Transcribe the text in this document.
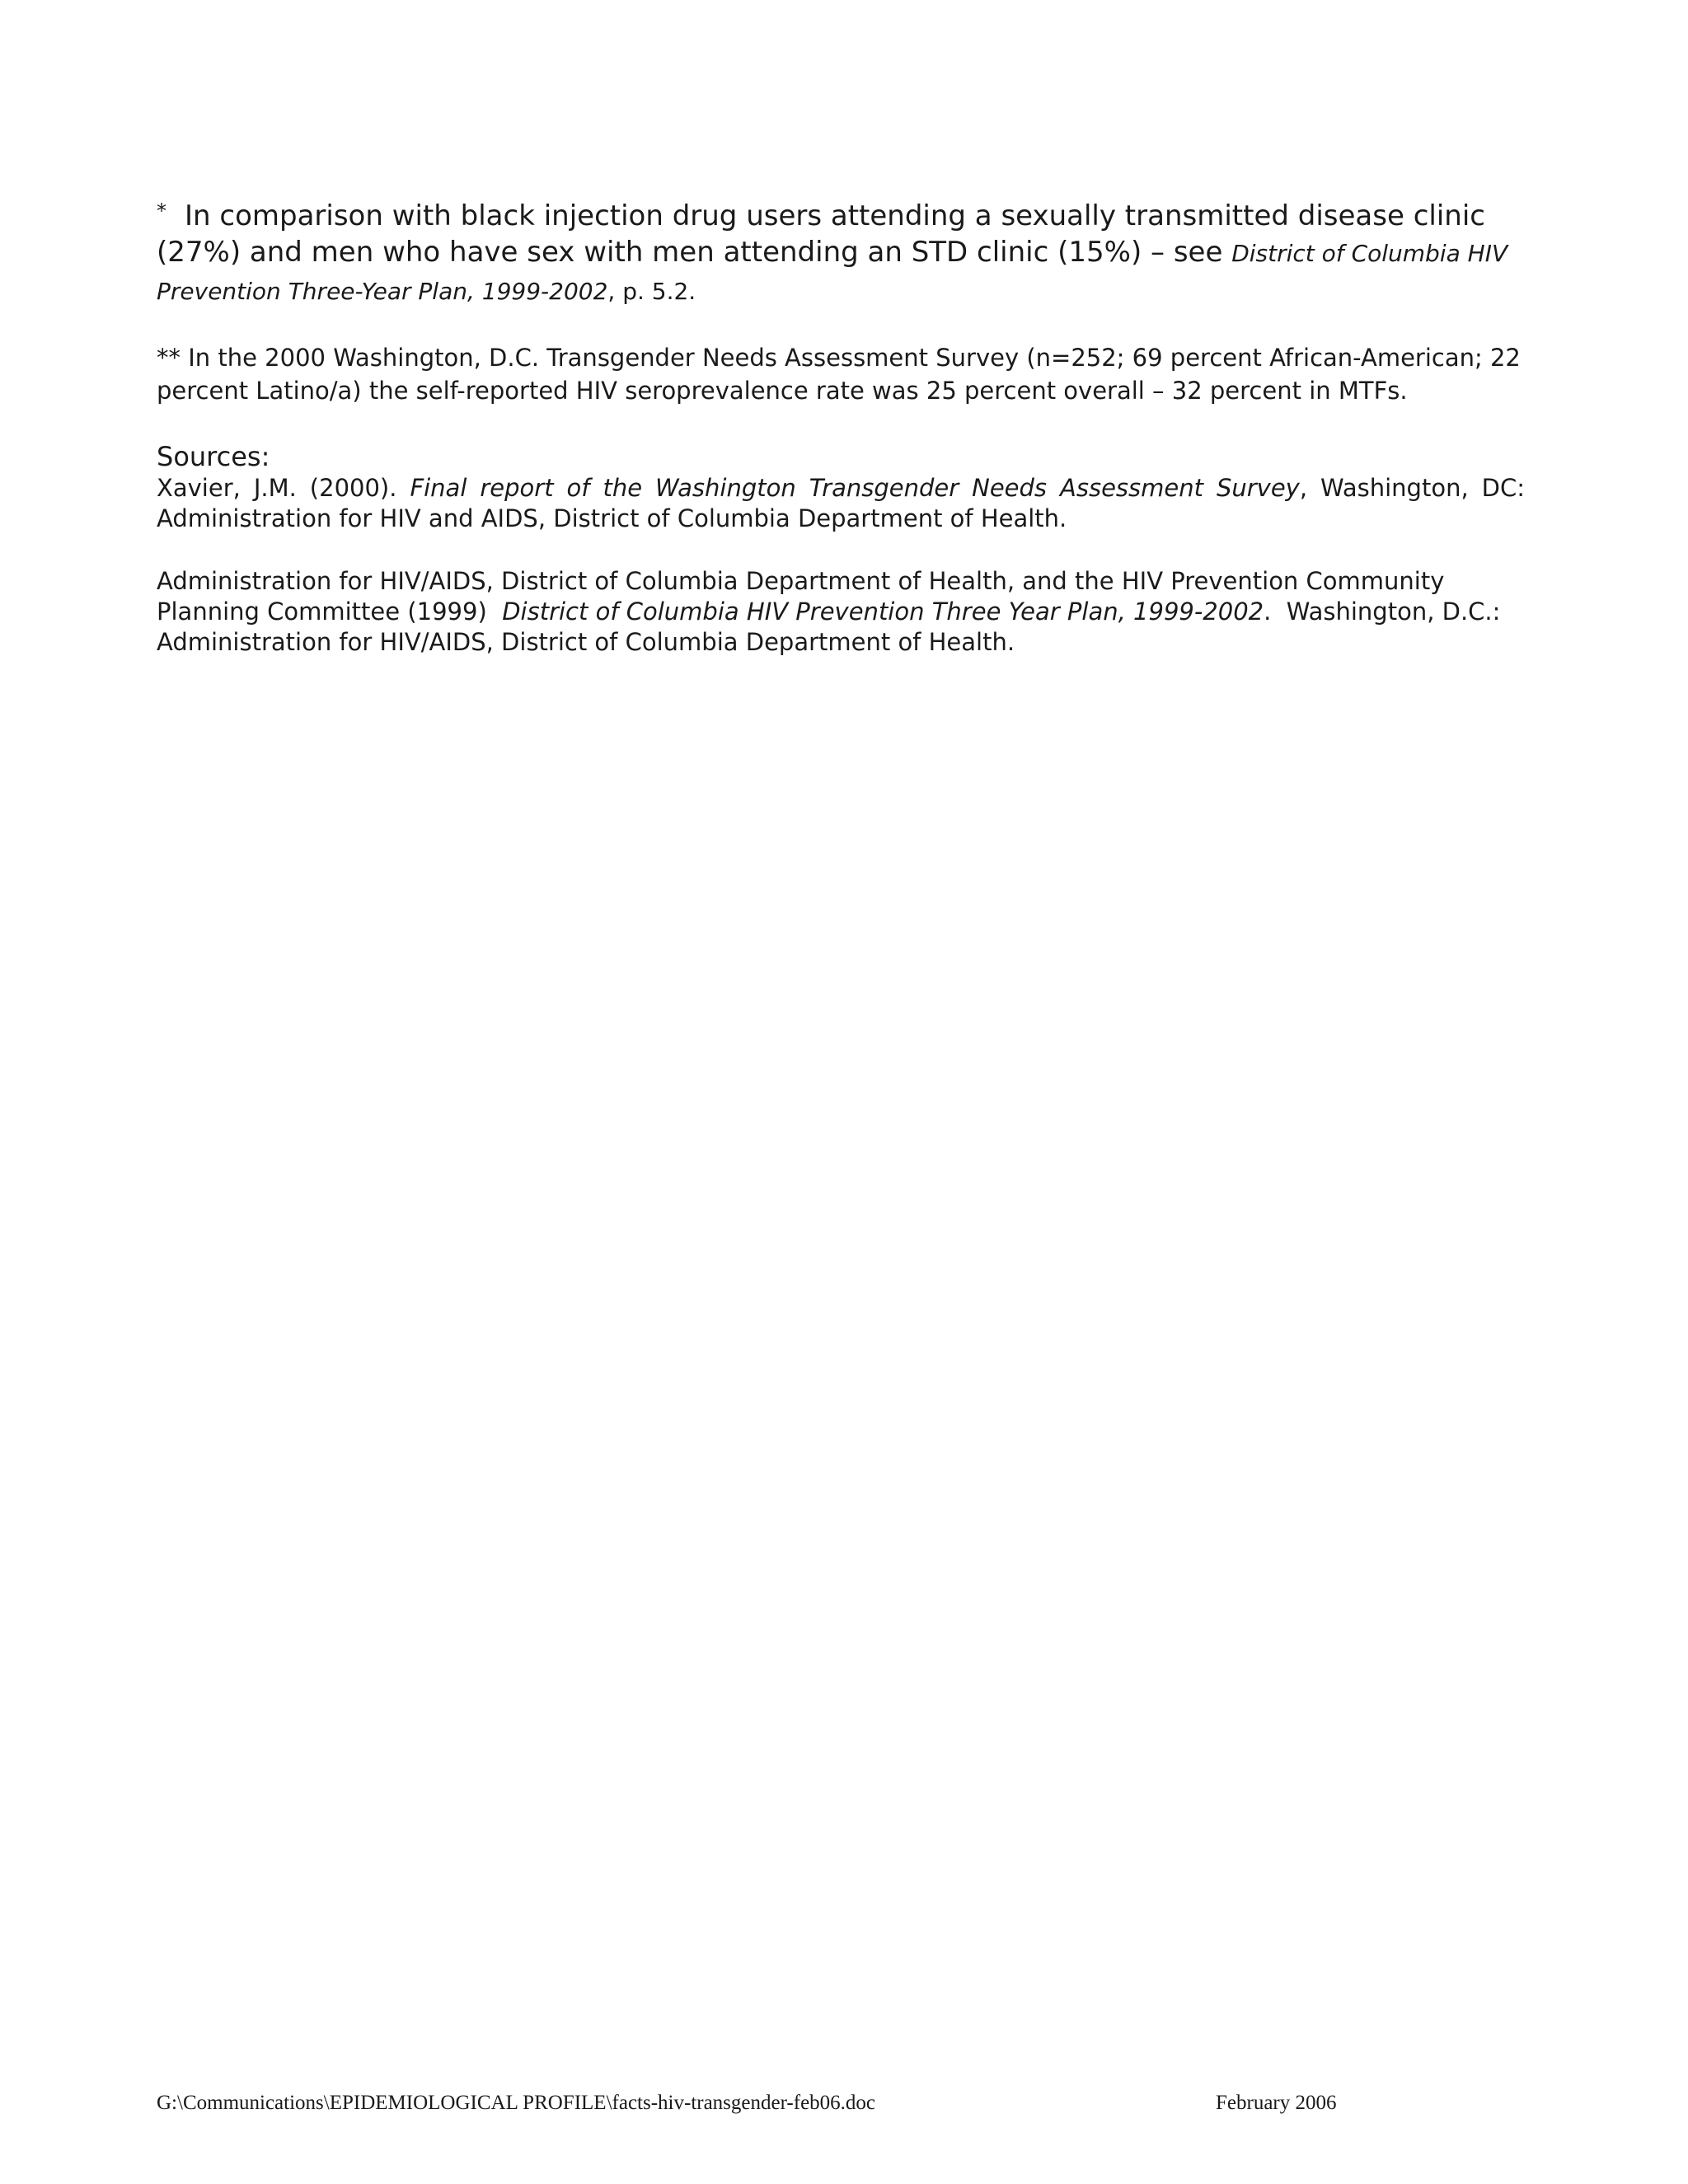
* In comparison with black injection drug users attending a sexually transmitted disease clinic (27%) and men who have sex with men attending an STD clinic (15%) – see District of Columbia HIV Prevention Three-Year Plan, 1999-2002, p. 5.2.

** In the 2000 Washington, D.C. Transgender Needs Assessment Survey (n=252; 69 percent African-American; 22 percent Latino/a) the self-reported HIV seroprevalence rate was 25 percent overall – 32 percent in MTFs.

Sources:

Xavier, J.M. (2000). Final report of the Washington Transgender Needs Assessment Survey, Washington, DC: Administration for HIV and AIDS, District of Columbia Department of Health.

Administration for HIV/AIDS, District of Columbia Department of Health, and the HIV Prevention Community Planning Committee (1999)  District of Columbia HIV Prevention Three Year Plan, 1999-2002.  Washington, D.C.: Administration for HIV/AIDS, District of Columbia Department of Health.

G:\Communications\EPIDEMIOLOGICAL PROFILE\facts-hiv-transgender-feb06.doc	February 2006
